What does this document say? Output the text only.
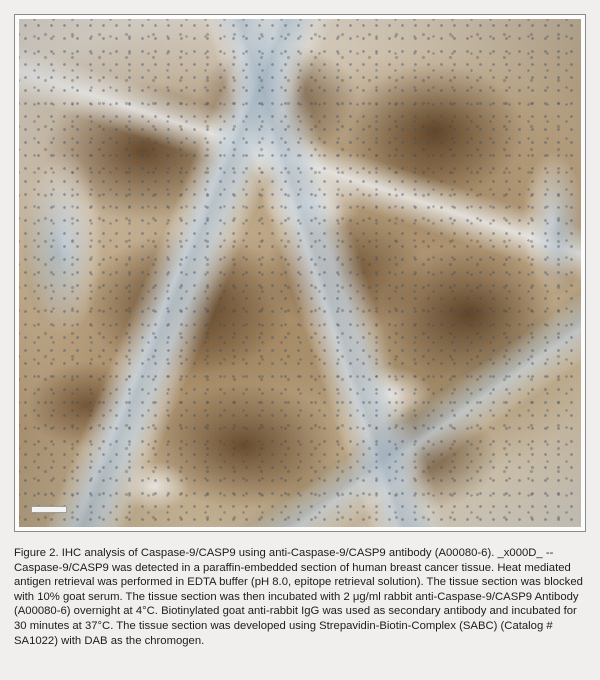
Figure 2. IHC analysis of Caspase-9/CASP9 using anti-Caspase-9/CASP9 antibody (A00080-6). _x000D_ -- Caspase-9/CASP9 was detected in a paraffin-embedded section of human breast cancer tissue. Heat mediated antigen retrieval was performed in EDTA buffer (pH 8.0, epitope retrieval solution). The tissue section was blocked with 10% goat serum. The tissue section was then incubated with 2 μg/ml rabbit anti-Caspase-9/CASP9 Antibody (A00080-6) overnight at 4°C. Biotinylated goat anti-rabbit IgG was used as secondary antibody and incubated for 30 minutes at 37°C. The tissue section was developed using Strepavidin-Biotin-Complex (SABC) (Catalog # SA1022) with DAB as the chromogen.
